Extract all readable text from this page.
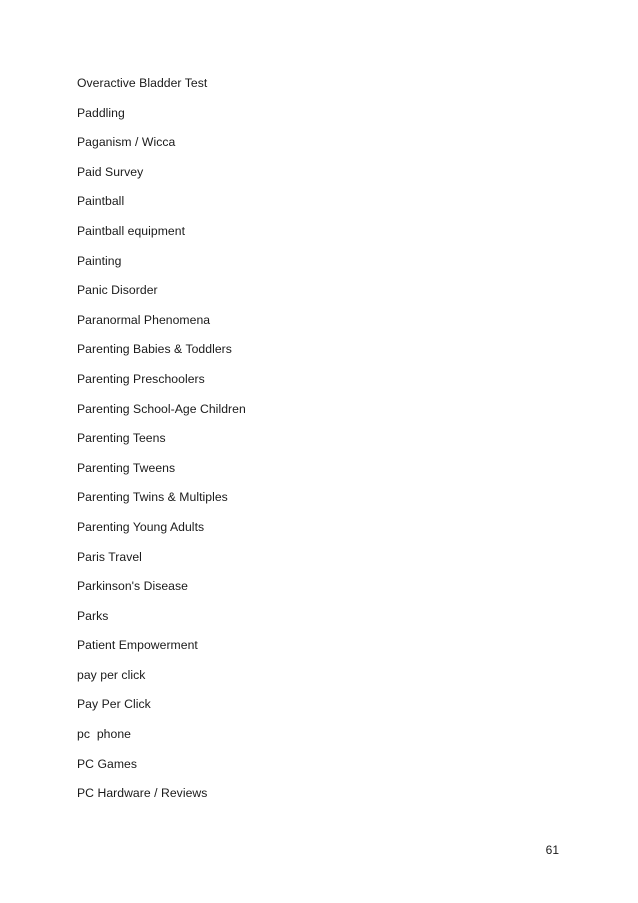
Overactive Bladder Test
Paddling
Paganism / Wicca
Paid Survey
Paintball
Paintball equipment
Painting
Panic Disorder
Paranormal Phenomena
Parenting Babies & Toddlers
Parenting Preschoolers
Parenting School-Age Children
Parenting Teens
Parenting Tweens
Parenting Twins & Multiples
Parenting Young Adults
Paris Travel
Parkinson's Disease
Parks
Patient Empowerment
pay per click
Pay Per Click
pc  phone
PC Games
PC Hardware / Reviews
61
